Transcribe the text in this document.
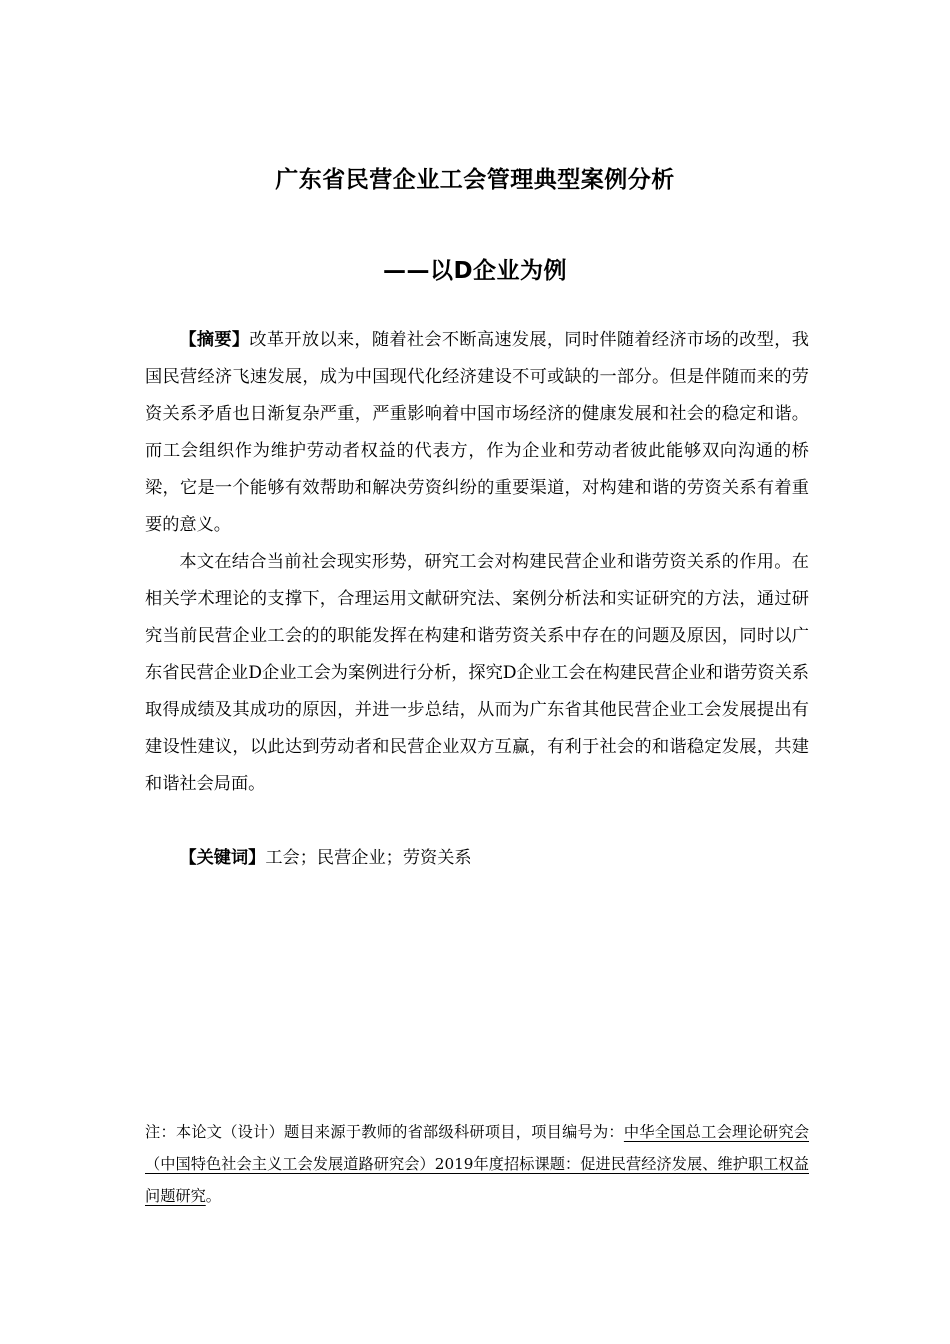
广东省民营企业工会管理典型案例分析
——以D企业为例

【摘要】改革开放以来，随着社会不断高速发展，同时伴随着经济市场的改型，我国民营经济飞速发展，成为中国现代化经济建设不可或缺的一部分。但是伴随而来的劳资关系矛盾也日渐复杂严重，严重影响着中国市场经济的健康发展和社会的稳定和谐。而工会组织作为维护劳动者权益的代表方，作为企业和劳动者彼此能够双向沟通的桥梁，它是一个能够有效帮助和解决劳资纠纷的重要渠道，对构建和谐的劳资关系有着重要的意义。

本文在结合当前社会现实形势，研究工会对构建民营企业和谐劳资关系的作用。在相关学术理论的支撑下，合理运用文献研究法、案例分析法和实证研究的方法，通过研究当前民营企业工会的的职能发挥在构建和谐劳资关系中存在的问题及原因，同时以广东省民营企业D企业工会为案例进行分析，探究D企业工会在构建民营企业和谐劳资关系取得成绩及其成功的原因，并进一步总结，从而为广东省其他民营企业工会发展提出有建设性建议，以此达到劳动者和民营企业双方互赢，有利于社会的和谐稳定发展，共建和谐社会局面。

【关键词】工会；民营企业；劳资关系

注：本论文（设计）题目来源于教师的省部级科研项目，项目编号为：中华全国总工会理论研究会（中国特色社会主义工会发展道路研究会）2019年度招标课题：促进民营经济发展、维护职工权益问题研究。
